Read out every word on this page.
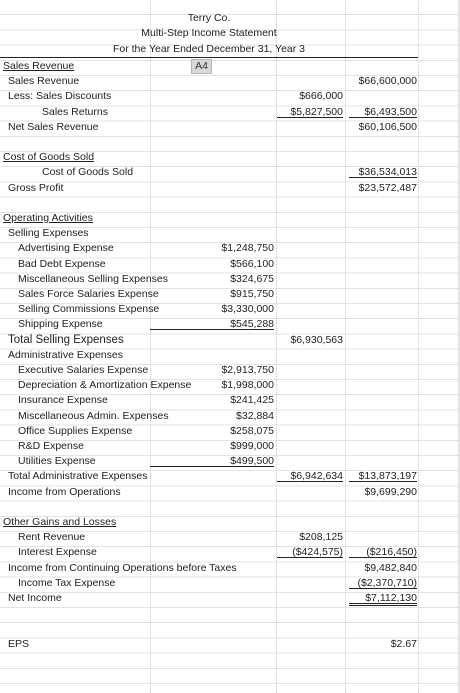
Terry Co.
Multi-Step Income Statement
For the Year Ended December 31, Year 3
A4
Sales Revenue
Sales Revenue	$66,600,000
Less: Sales Discounts	$666,000
Sales Returns	$5,827,500	$6,493,500
Net Sales Revenue	$60,106,500
Cost of Goods Sold
Cost of Goods Sold	$36,534,013
Gross Profit	$23,572,487
Operating Activities
Selling Expenses
Advertising Expense	$1,248,750
Bad Debt Expense	$566,100
Miscellaneous Selling Expenses	$324,675
Sales Force Salaries Expense	$915,750
Selling Commissions Expense	$3,330,000
Shipping Expense	$545,288
Total Selling Expenses	$6,930,563
Administrative Expenses
Executive Salaries Expense	$2,913,750
Depreciation & Amortization Expense	$1,998,000
Insurance Expense	$241,425
Miscellaneous Admin. Expenses	$32,884
Office Supplies Expense	$258,075
R&D Expense	$999,000
Utilities Expense	$499,500
Total Administrative Expenses	$6,942,634	$13,873,197
Income from Operations	$9,699,290
Other Gains and Losses
Rent Revenue	$208,125
Interest Expense	($424,575)	($216,450)
Income from Continuing Operations before Taxes	$9,482,840
Income Tax Expense	($2,370,710)
Net Income	$7,112,130
EPS	$2.67
